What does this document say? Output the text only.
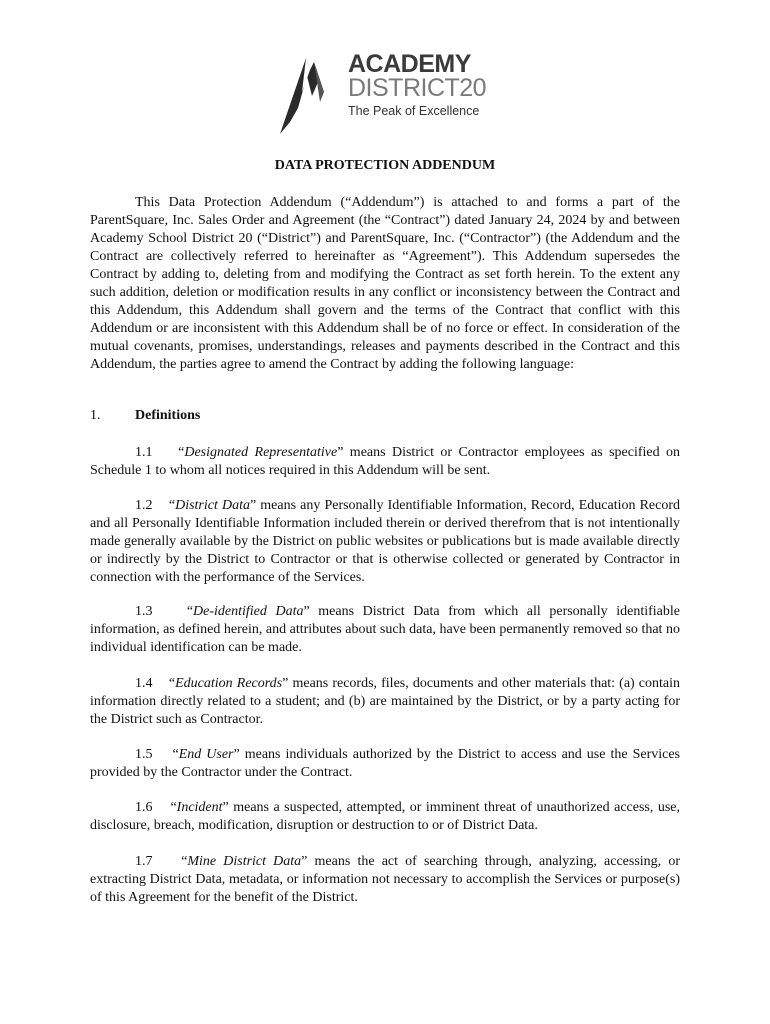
ACADEMY
DISTRICT20
The Peak of Excellence
DATA PROTECTION ADDENDUM

This Data Protection Addendum (“Addendum”) is attached to and forms a part of the ParentSquare, Inc. Sales Order and Agreement (the “Contract”) dated January 24, 2024 by and between Academy School District 20 (“District”) and ParentSquare, Inc. (“Contractor”) (the Addendum and the Contract are collectively referred to hereinafter as “Agreement”). This Addendum supersedes the Contract by adding to, deleting from and modifying the Contract as set forth herein. To the extent any such addition, deletion or modification results in any conflict or inconsistency between the Contract and this Addendum, this Addendum shall govern and the terms of the Contract that conflict with this Addendum or are inconsistent with this Addendum shall be of no force or effect. In consideration of the mutual covenants, promises, understandings, releases and payments described in the Contract and this Addendum, the parties agree to amend the Contract by adding the following language:

1. Definitions

1.1 “Designated Representative” means District or Contractor employees as specified on Schedule 1 to whom all notices required in this Addendum will be sent.

1.2 “District Data” means any Personally Identifiable Information, Record, Education Record and all Personally Identifiable Information included therein or derived therefrom that is not intentionally made generally available by the District on public websites or publications but is made available directly or indirectly by the District to Contractor or that is otherwise collected or generated by Contractor in connection with the performance of the Services.

1.3 “De-identified Data” means District Data from which all personally identifiable information, as defined herein, and attributes about such data, have been permanently removed so that no individual identification can be made.

1.4 “Education Records” means records, files, documents and other materials that: (a) contain information directly related to a student; and (b) are maintained by the District, or by a party acting for the District such as Contractor.

1.5 “End User” means individuals authorized by the District to access and use the Services provided by the Contractor under the Contract.

1.6 “Incident” means a suspected, attempted, or imminent threat of unauthorized access, use, disclosure, breach, modification, disruption or destruction to or of District Data.

1.7 “Mine District Data” means the act of searching through, analyzing, accessing, or extracting District Data, metadata, or information not necessary to accomplish the Services or purpose(s) of this Agreement for the benefit of the District.
